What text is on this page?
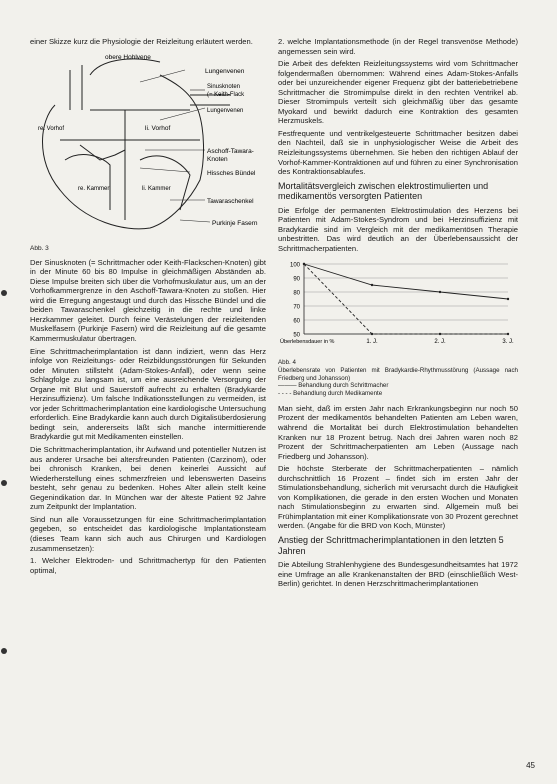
einer Skizze kurz die Physiologie der Reizleitung erläutert werden.

obere Hohlvene
Lungenvenen
Sinusknoten
(= Keith-Flack
li. Vorhof
Lungenvenen
Aschoff-Tawara-
Knoten
Hissches Bündel
re. Kammer	li. Kammer
Tawaraschenkel
Purkinje Fasern
re. Vorhof
Abb. 3

Der Sinusknoten (= Schrittmacher oder Keith-Flackschen-Knoten) gibt in der Minute 60 bis 80 Impulse in gleichmäßigen Abständen ab. Diese Impulse breiten sich über die Vorhofmuskulatur aus, um an der Vorhofkammergrenze in den Aschoff-Tawara-Knoten zu stoßen. Hier wird die Erregung angestaugt und durch das Hissche Bündel und die beiden Tawaraschenkel gleichzeitig in die rechte und linke Herzkammer geleitet. Durch feine Verästelungen der reizleitenden Muskelfasern (Purkinje Fasern) wird die Reizleitung auf die gesamte Kammermuskulatur übertragen.

Eine Schrittmacherimplantation ist dann indiziert, wenn das Herz infolge von Reizleitungs- oder Reizbildungsstörungen für Sekunden oder Minuten stillsteht (Adam-Stokes-Anfall), oder wenn seine Schlagfolge zu langsam ist, um eine ausreichende Versorgung der Organe mit Blut und Sauerstoff aufrecht zu erhalten (Bradykarde Herzinsuffizienz). Um falsche Indikationsstellungen zu vermeiden, ist vor jeder Schrittmacherimplantation eine kardiologische Untersuchung erforderlich. Eine Bradykardie kann auch durch Digitalisüberdosierung bedingt sein, andererseits läßt sich manche intermittierende Bradykardie gut mit Medikamenten einstellen.

Die Schrittmacherimplantation, ihr Aufwand und potentieller Nutzen ist aus anderer Ursache bei altersfreunden Patienten (Carzinom), oder bei chronisch Kranken, bei denen keinerlei Aussicht auf Wiederherstellung eines schmerzfreien und lebenswerten Daseins besteht, sehr genau zu bedenken. Hohes Alter allein stellt keine Gegenindikation dar. In München war der älteste Patient 92 Jahre zum Zeitpunkt der Implantation.

Sind nun alle Voraussetzungen für eine Schrittmacherimplantation gegeben, so entscheidet das kardiologische Implantationsteam (dieses Team kann sich auch aus Chirurgen und Kardiologen zusammensetzen):

1. Welcher Elektroden- und Schrittmachertyp für den Patienten optimal,

2. welche Implantationsmethode (in der Regel transvenöse Methode) angemessen sein wird.

Die Arbeit des defekten Reizleitungssystems wird vom Schrittmacher folgendermaßen übernommen: Während eines Adam-Stokes-Anfalls oder bei unzureichender eigener Frequenz gibt der batteriebetriebene Schrittmacher die Stromimpulse direkt in den rechten Ventrikel ab. Dieser Stromimpuls verteilt sich gleichmäßig über das gesamte Myokard und bewirkt dadurch eine Kontraktion des gesamten Herzmuskels.

Festfrequente und ventrikelgesteuerte Schrittmacher besitzen dabei den Nachteil, daß sie in unphysiologischer Weise die Arbeit des Reizleitungssystems übernehmen. Sie heben den richtigen Ablauf der Vorhof-Kammer-Kontraktionen auf und führen zu einer Synchronisation des Kontraktionsablaufes.

Mortalitätsvergleich zwischen elektrostimulierten und medikamentös versorgten Patienten

Die Erfolge der permanenten Elektrostimulation des Herzens bei Patienten mit Adam-Stokes-Syndrom und bei Herzinsuffizienz mit Bradykardie sind im Vergleich mit der medikamentösen Therapie unbestritten. Das wird deutlich an der Überlebensaussicht der Schrittmacherpatienten.

100
90
80
70
60
50
1. J.	2. J.	3. J.
Überlebensdauer in %
Abb. 4
Überlebensrate von Patienten mit Bradykardie-Rhythmusstörung (Aussage nach Friedberg und Johansson)
——— Behandlung durch Schrittmacher
- - - - Behandlung durch Medikamente

Man sieht, daß im ersten Jahr nach Erkrankungsbeginn nur noch 50 Prozent der medikamentös behandelten Patienten am Leben waren, während die Mortalität bei durch Elektrostimulation behandelten Kranken nur 18 Prozent betrug. Nach drei Jahren waren noch 82 Prozent der Schrittmacherpatienten am Leben (Aussage nach Friedberg und Johansson).

Die höchste Sterberate der Schrittmacherpatienten – nämlich durchschnittlich 16 Prozent – findet sich im ersten Jahr der Stimulationsbehandlung, sicherlich mit verursacht durch die Häufigkeit von Komplikationen, die gerade in den ersten Wochen und Monaten nach Stimulationsbeginn zu erwarten sind. Allgemein muß bei Frühimplantation mit einer Komplikationsrate von 30 Prozent gerechnet werden. (Angabe für die BRD von Koch, Münster)

Anstieg der Schrittmacherimplantationen in den letzten 5 Jahren

Die Abteilung Strahlenhygiene des Bundesgesundheitsamtes hat 1972 eine Umfrage an alle Krankenanstalten der BRD (einschließlich West-Berlin) gerichtet. In denen Herzschrittmacherimplantationen

45
